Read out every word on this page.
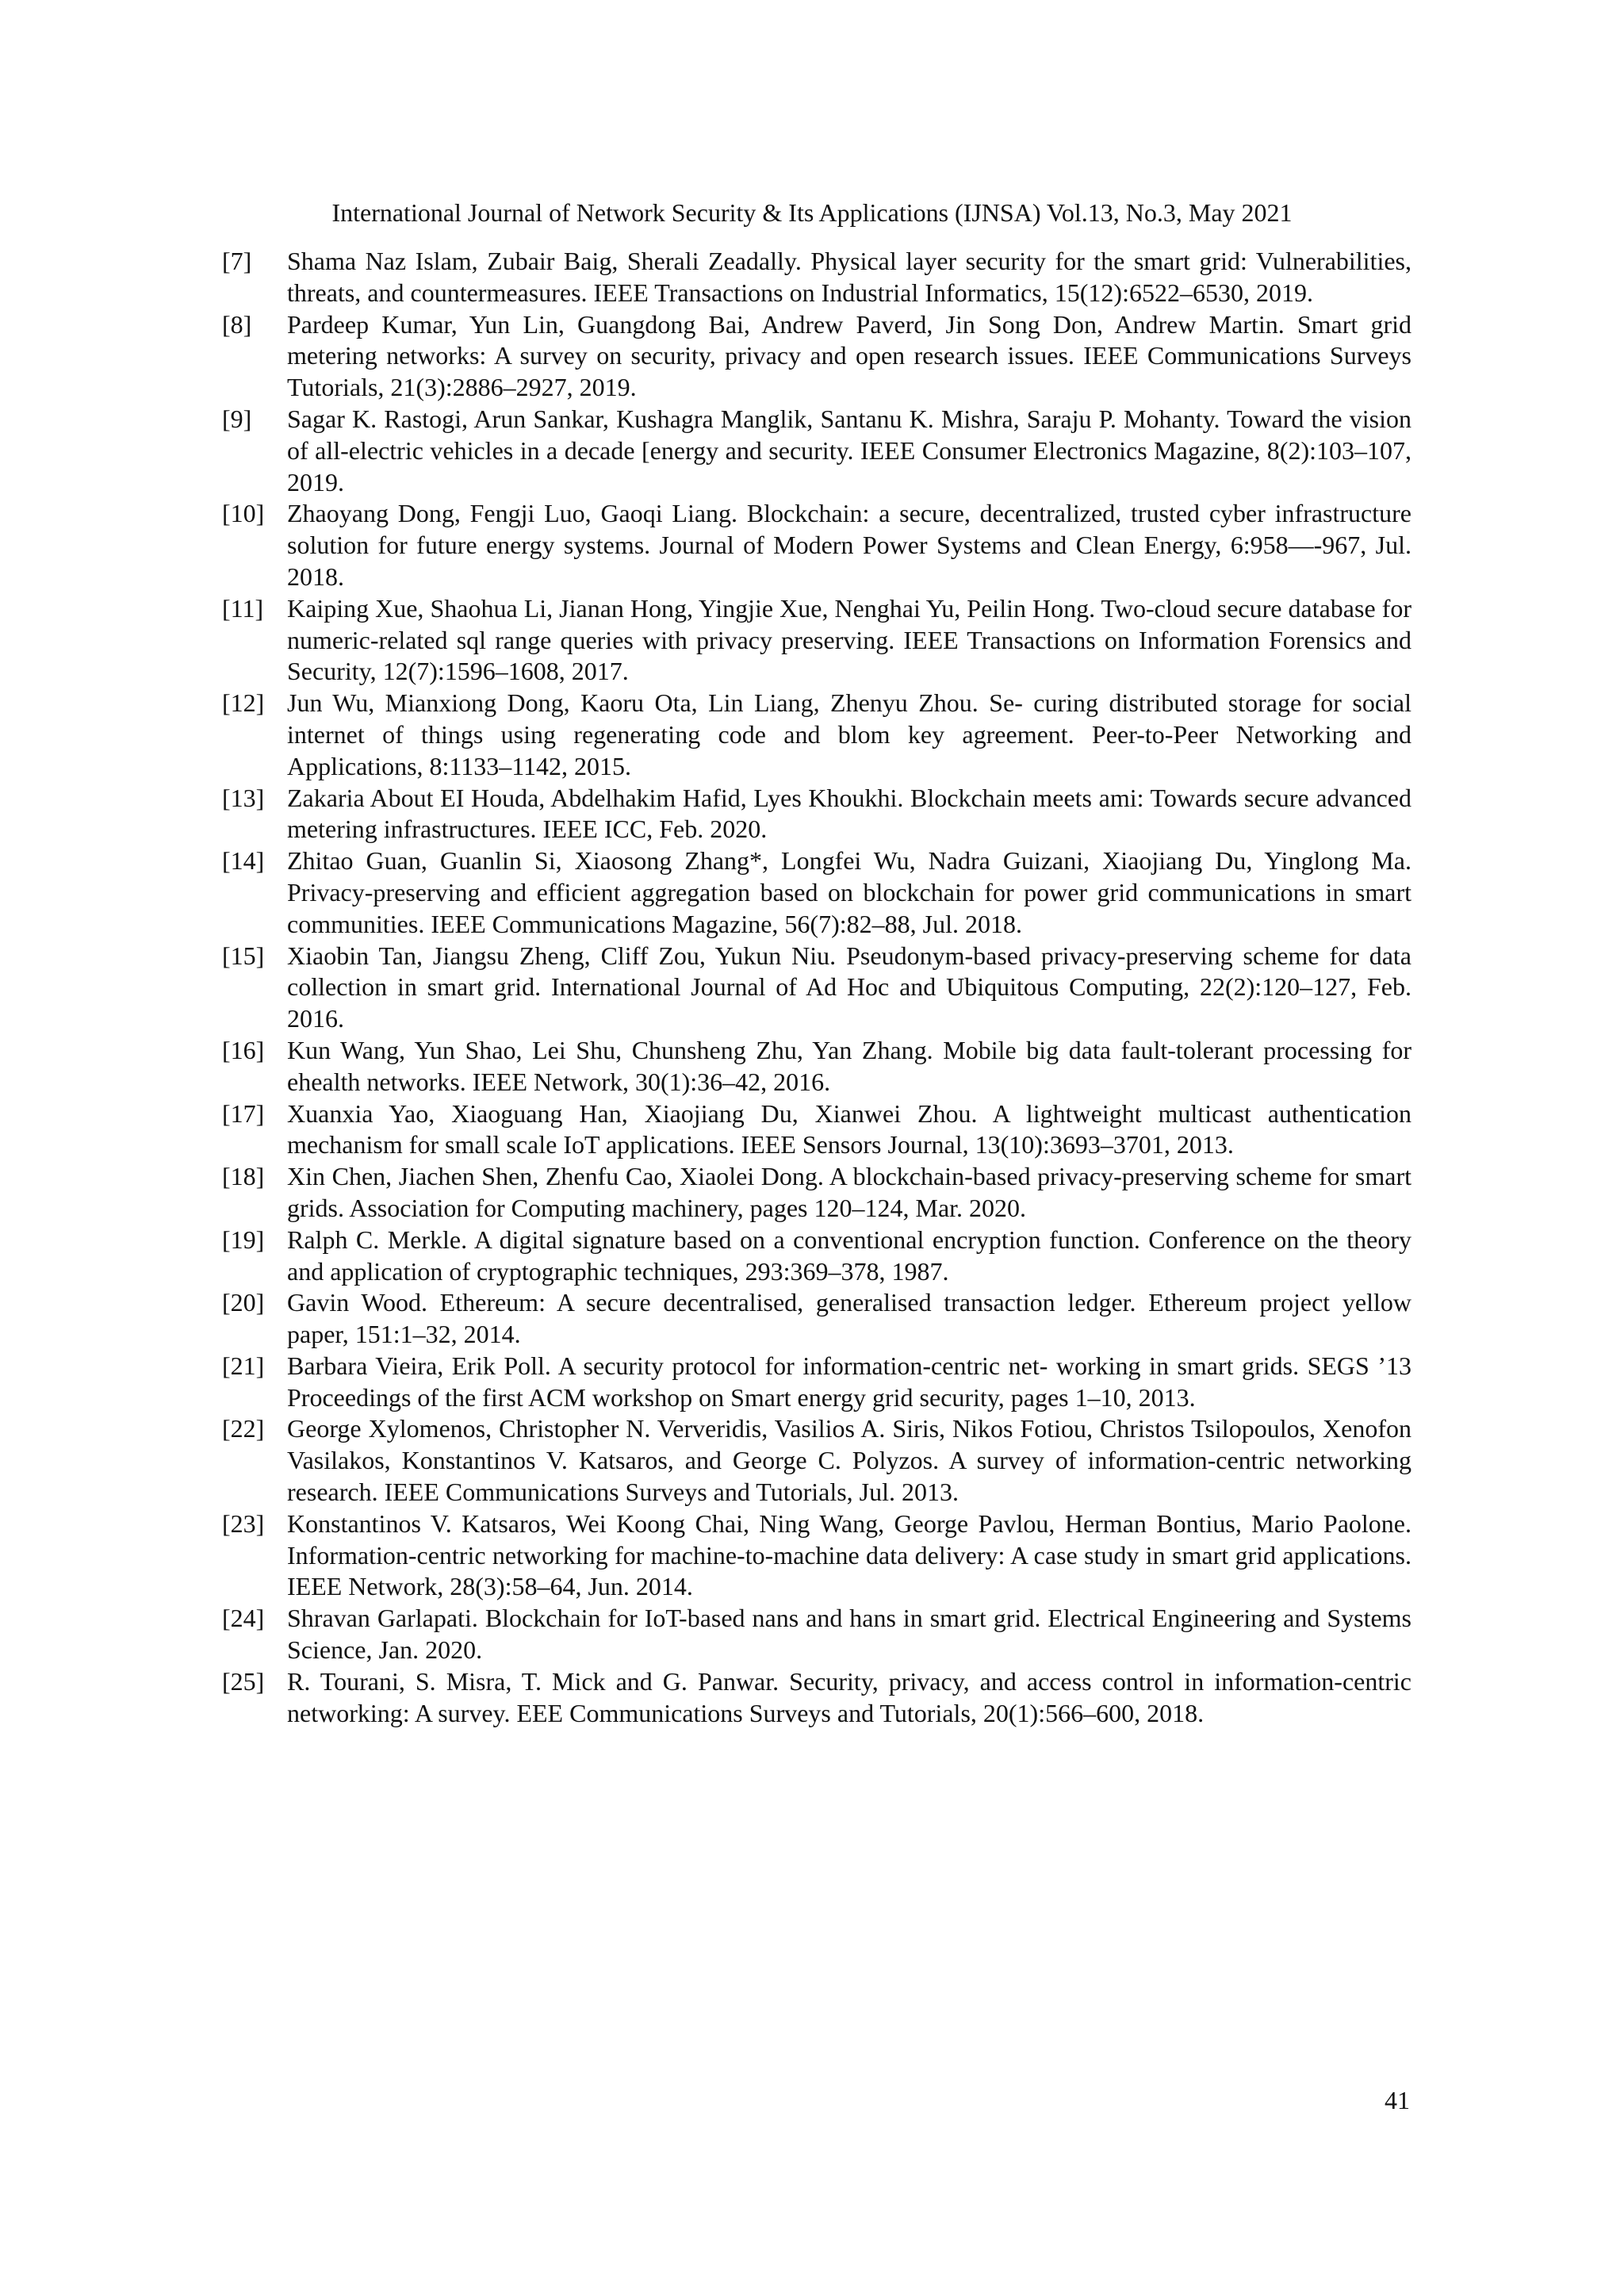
International Journal of Network Security & Its Applications (IJNSA) Vol.13, No.3, May 2021
[7] Shama Naz Islam, Zubair Baig, Sherali Zeadally. Physical layer security for the smart grid: Vulnerabilities, threats, and countermeasures. IEEE Transactions on Industrial Informatics, 15(12):6522–6530, 2019.
[8] Pardeep Kumar, Yun Lin, Guangdong Bai, Andrew Paverd, Jin Song Don, Andrew Martin. Smart grid metering networks: A survey on security, privacy and open research issues. IEEE Communications Surveys Tutorials, 21(3):2886–2927, 2019.
[9] Sagar K. Rastogi, Arun Sankar, Kushagra Manglik, Santanu K. Mishra, Saraju P. Mohanty. Toward the vision of all-electric vehicles in a decade [energy and security. IEEE Consumer Electronics Magazine, 8(2):103–107, 2019.
[10] Zhaoyang Dong, Fengji Luo, Gaoqi Liang. Blockchain: a secure, decentralized, trusted cyber infrastructure solution for future energy systems. Journal of Modern Power Systems and Clean Energy, 6:958—-967, Jul. 2018.
[11] Kaiping Xue, Shaohua Li, Jianan Hong, Yingjie Xue, Nenghai Yu, Peilin Hong. Two-cloud secure database for numeric-related sql range queries with privacy preserving. IEEE Transactions on Information Forensics and Security, 12(7):1596–1608, 2017.
[12] Jun Wu, Mianxiong Dong, Kaoru Ota, Lin Liang, Zhenyu Zhou. Se- curing distributed storage for social internet of things using regenerating code and blom key agreement. Peer-to-Peer Networking and Applications, 8:1133–1142, 2015.
[13] Zakaria About EI Houda, Abdelhakim Hafid, Lyes Khoukhi. Blockchain meets ami: Towards secure advanced metering infrastructures. IEEE ICC, Feb. 2020.
[14] Zhitao Guan, Guanlin Si, Xiaosong Zhang*, Longfei Wu, Nadra Guizani, Xiaojiang Du, Yinglong Ma. Privacy-preserving and efficient aggregation based on blockchain for power grid communications in smart communities. IEEE Communications Magazine, 56(7):82–88, Jul. 2018.
[15] Xiaobin Tan, Jiangsu Zheng, Cliff Zou, Yukun Niu. Pseudonym-based privacy-preserving scheme for data collection in smart grid. International Journal of Ad Hoc and Ubiquitous Computing, 22(2):120–127, Feb. 2016.
[16] Kun Wang, Yun Shao, Lei Shu, Chunsheng Zhu, Yan Zhang. Mobile big data fault-tolerant processing for ehealth networks. IEEE Network, 30(1):36–42, 2016.
[17] Xuanxia Yao, Xiaoguang Han, Xiaojiang Du, Xianwei Zhou. A lightweight multicast authentication mechanism for small scale IoT applications. IEEE Sensors Journal, 13(10):3693–3701, 2013.
[18] Xin Chen, Jiachen Shen, Zhenfu Cao, Xiaolei Dong. A blockchain-based privacy-preserving scheme for smart grids. Association for Computing machinery, pages 120–124, Mar. 2020.
[19] Ralph C. Merkle. A digital signature based on a conventional encryption function. Conference on the theory and application of cryptographic techniques, 293:369–378, 1987.
[20] Gavin Wood. Ethereum: A secure decentralised, generalised transaction ledger. Ethereum project yellow paper, 151:1–32, 2014.
[21] Barbara Vieira, Erik Poll. A security protocol for information-centric net- working in smart grids. SEGS ’13 Proceedings of the first ACM workshop on Smart energy grid security, pages 1–10, 2013.
[22] George Xylomenos, Christopher N. Ververidis, Vasilios A. Siris, Nikos Fotiou, Christos Tsilopoulos, Xenofon Vasilakos, Konstantinos V. Katsaros, and George C. Polyzos. A survey of information-centric networking research. IEEE Communications Surveys and Tutorials, Jul. 2013.
[23] Konstantinos V. Katsaros, Wei Koong Chai, Ning Wang, George Pavlou, Herman Bontius, Mario Paolone. Information-centric networking for machine-to-machine data delivery: A case study in smart grid applications. IEEE Network, 28(3):58–64, Jun. 2014.
[24] Shravan Garlapati. Blockchain for IoT-based nans and hans in smart grid. Electrical Engineering and Systems Science, Jan. 2020.
[25] R. Tourani, S. Misra, T. Mick and G. Panwar. Security, privacy, and access control in information-centric networking: A survey. EEE Communications Surveys and Tutorials, 20(1):566–600, 2018.
41
